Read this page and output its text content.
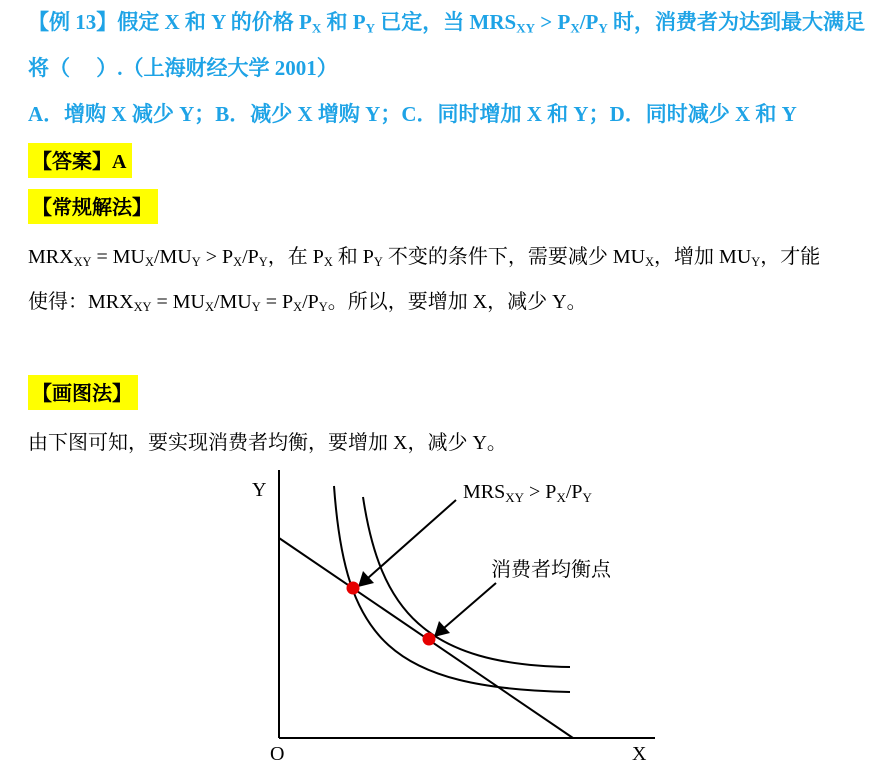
【例 13】假定 X 和 Y 的价格 $P_X$ 和 $P_Y$ 已定，当 $MRS_{XY} > P_X/P_Y$ 时，消费者为达到最大满足
将（　 ）.（上海财经大学 2001）
A．增购 X 减少 Y；B．减少 X 增购 Y；C．同时增加 X 和 Y；D．同时减少 X 和 Y
【答案】A
【常规解法】
$MRX_{XY} = MU_X/MU_Y > P_X/P_Y$，在 $P_X$ 和 $P_Y$ 不变的条件下，需要减少 $MU_X$，增加 $MU_Y$，才能
使得：$MRX_{XY} = MU_X/MU_Y = P_X/P_Y$。所以，要增加 X，减少 Y。
【画图法】
由下图可知，要实现消费者均衡，要增加 X，减少 Y。
Y
X
O
$MRS_{XY} > P_X/P_Y$
消费者均衡点
